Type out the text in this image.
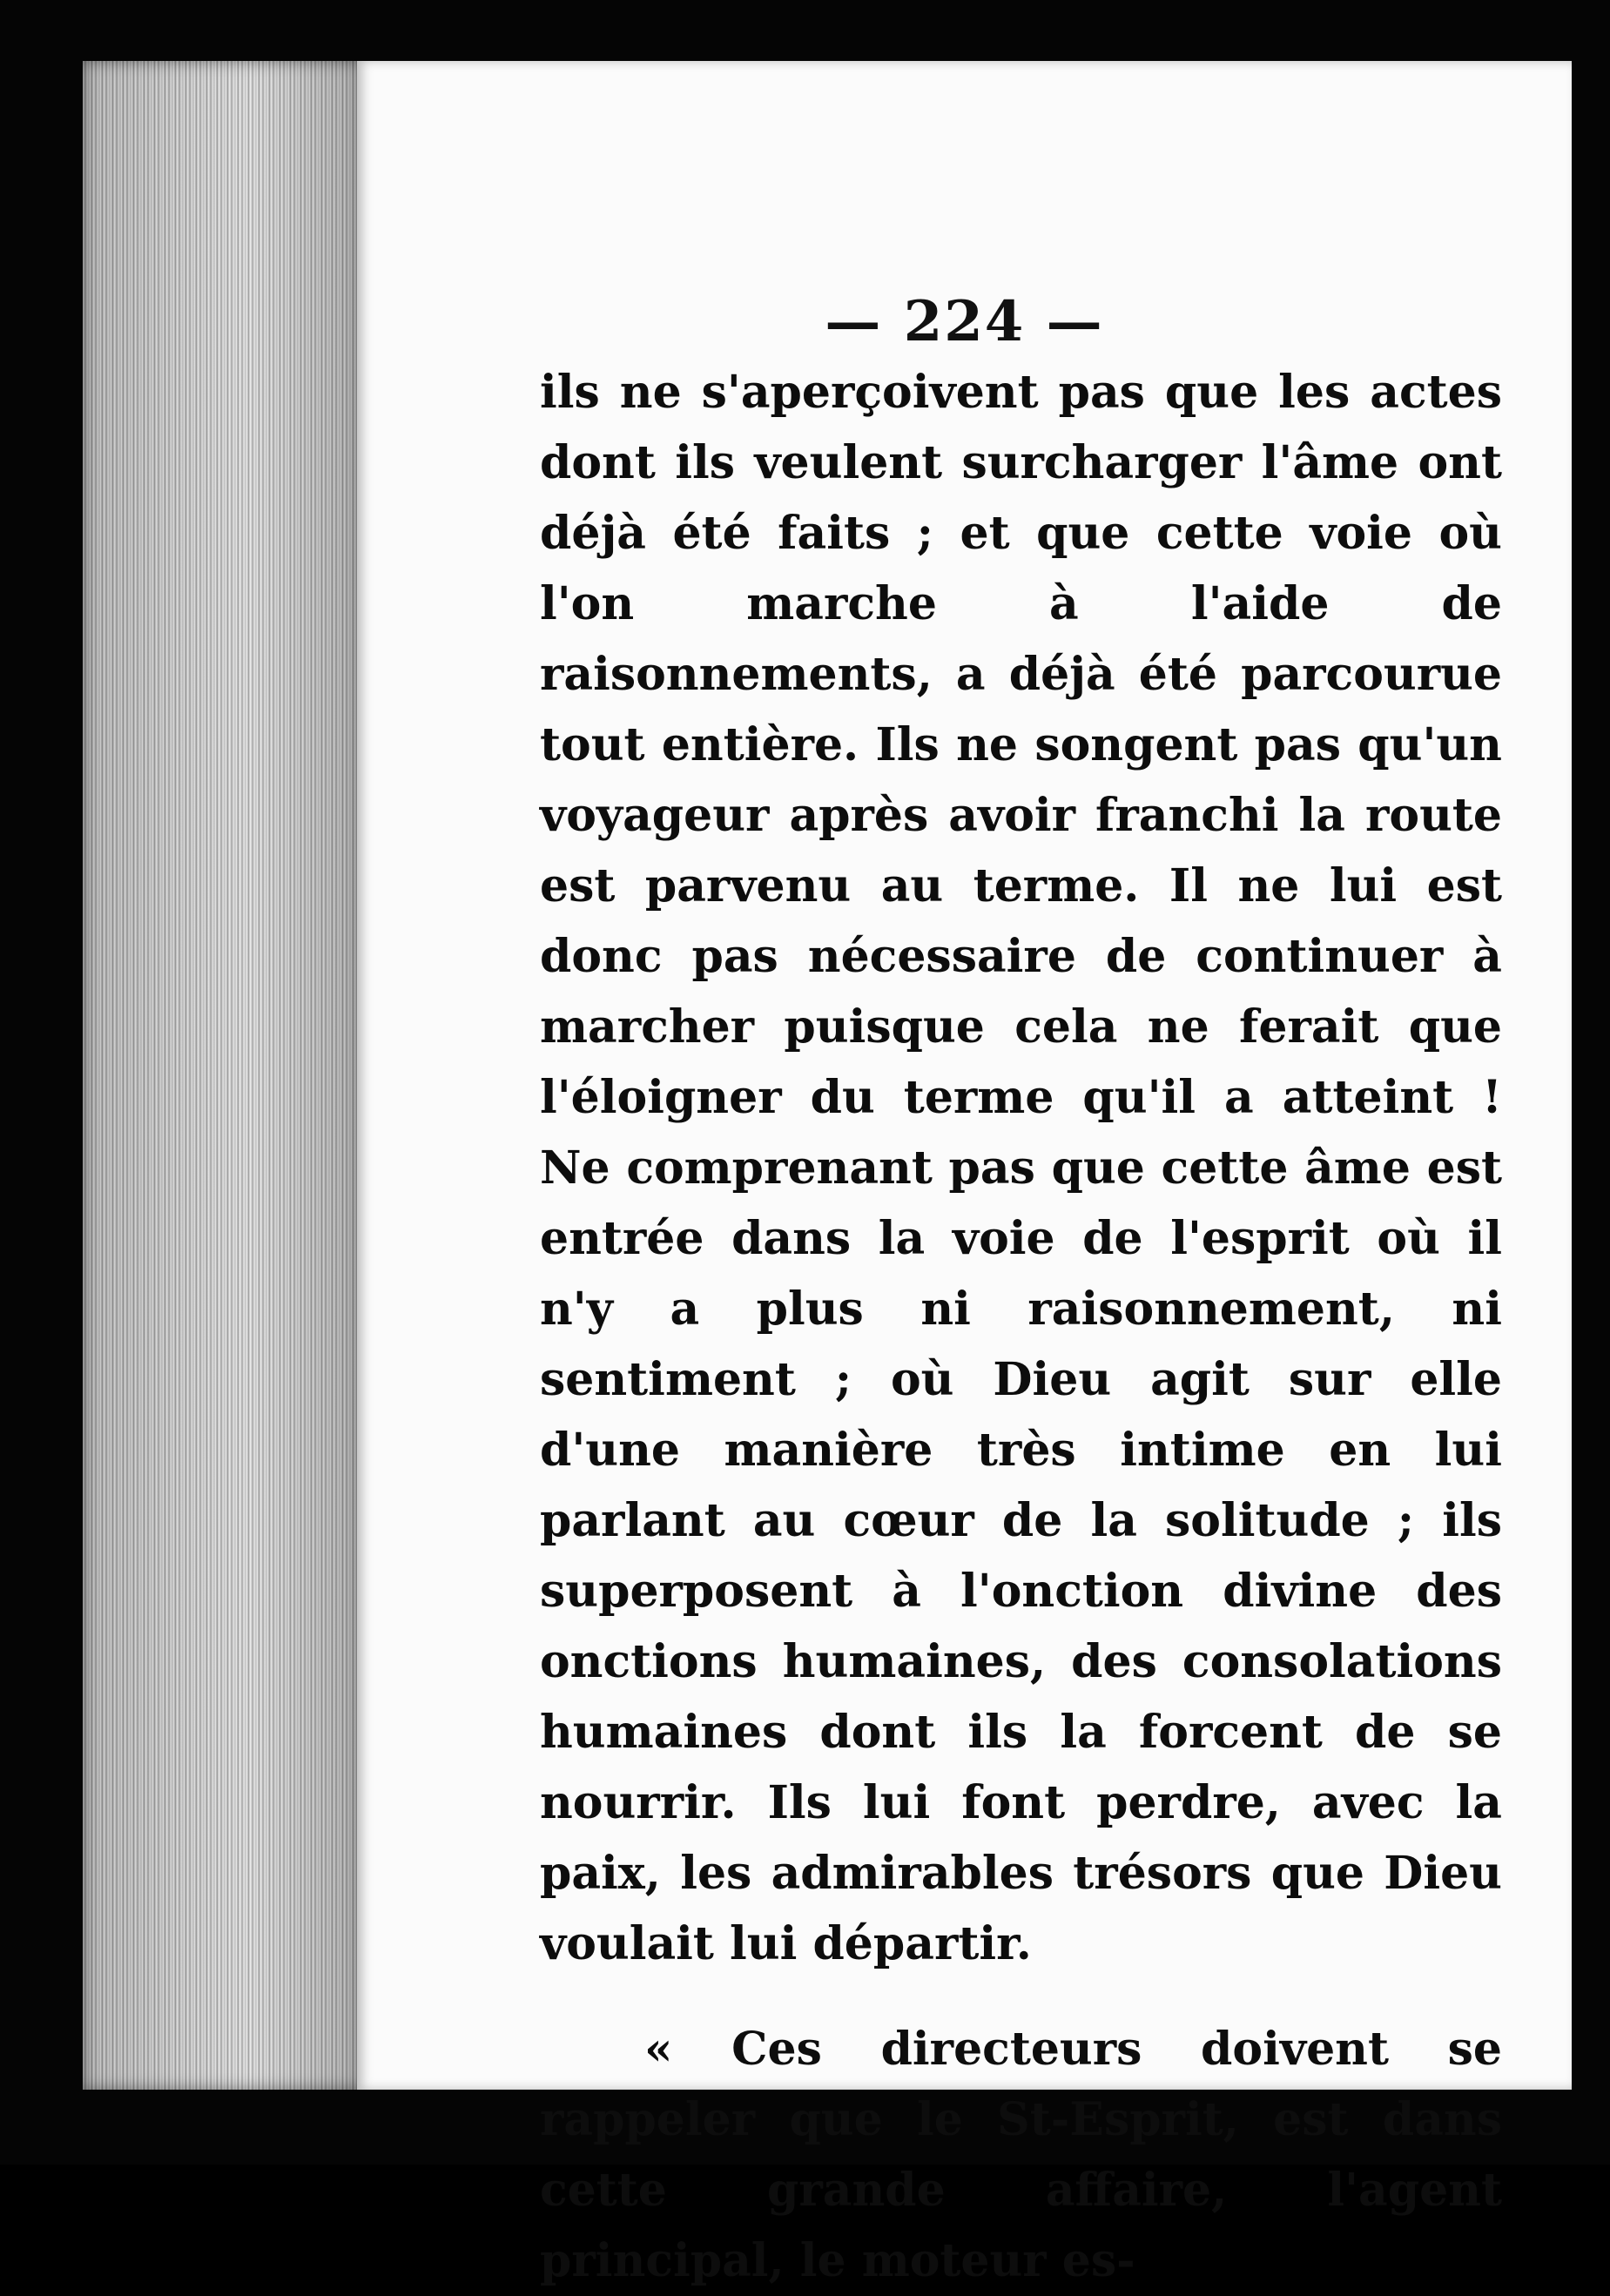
— 224 —

ils ne s'aperçoivent pas que les actes dont ils veulent surcharger l'âme ont déjà été faits ; et que cette voie où l'on marche à l'aide de raisonnements, a déjà été parcourue tout entière. Ils ne songent pas qu'un voyageur après avoir franchi la route est parvenu au terme. Il ne lui est donc pas nécessaire de continuer à marcher puisque cela ne ferait que l'éloigner du terme qu'il a atteint ! Ne comprenant pas que cette âme est entrée dans la voie de l'esprit où il n'y a plus ni raisonnement, ni sentiment ; où Dieu agit sur elle d'une manière très intime en lui parlant au cœur de la solitude ; ils superposent à l'onction divine des onctions humaines, des consolations humaines dont ils la forcent de se nourrir. Ils lui font perdre, avec la paix, les admirables trésors que Dieu voulait lui départir.

« Ces directeurs doivent se rappeler que le St-Esprit, est dans cette grande affaire, l'agent principal, le moteur es-
